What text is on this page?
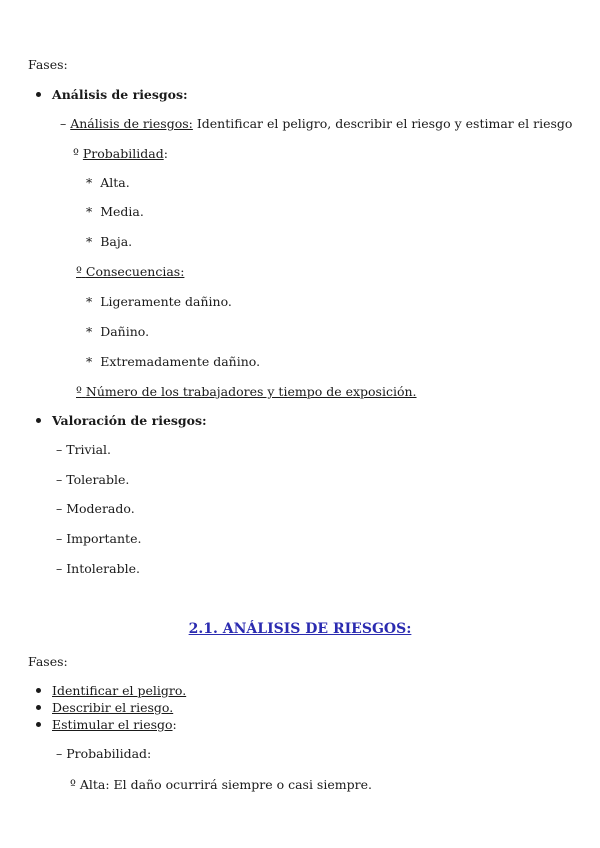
Fases:
Análisis de riesgos:
– Análisis de riesgos: Identificar el peligro, describir el riesgo y estimar el riesgo
º Probabilidad:
* Alta.
* Media.
* Baja.
º Consecuencias:
* Ligeramente dañino.
* Dañino.
* Extremadamente dañino.
º Número de los trabajadores y tiempo de exposición.
Valoración de riesgos:
– Trivial.
– Tolerable.
– Moderado.
– Importante.
– Intolerable.
2.1. ANÁLISIS DE RIESGOS:
Fases:
Identificar el peligro.
Describir el riesgo.
Estimular el riesgo:
– Probabilidad:
º Alta: El daño ocurrirá siempre o casi siempre.
